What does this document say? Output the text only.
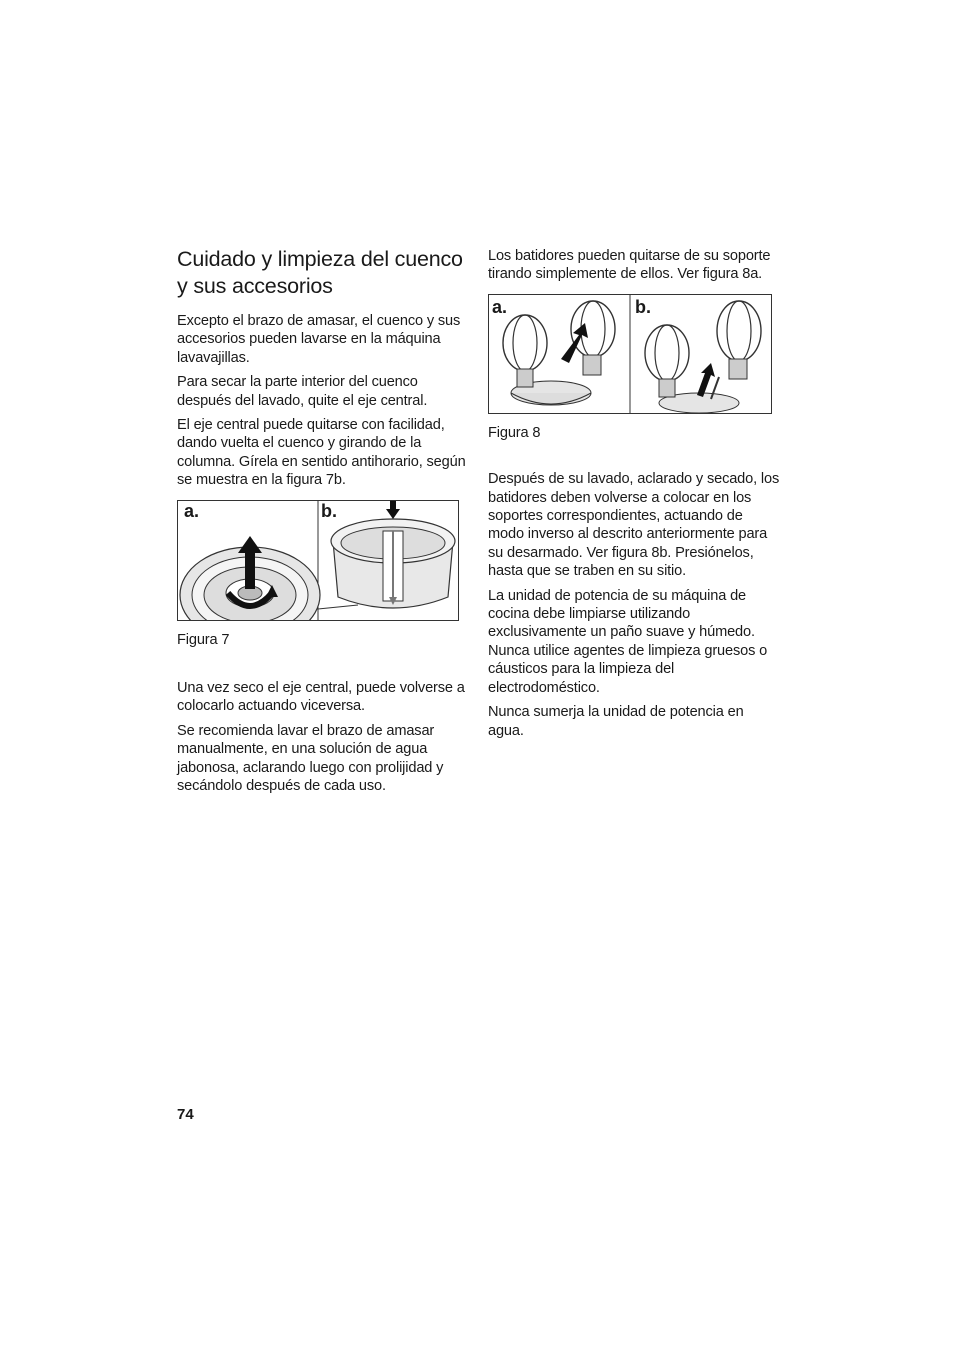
Cuidado y limpieza del cuenco y sus accesorios

Excepto el brazo de amasar, el cuenco y sus accesorios pueden lavarse en la máquina lavavajillas.

Para secar la parte interior del cuenco después del lavado, quite el eje central.

El eje central puede quitarse con facilidad, dando vuelta el cuenco y girando de la columna. Gírela en sentido antihorario, según se muestra en la figura 7b.

a.	b.

Figura 7

Una vez seco el eje central, puede volverse a colocarlo actuando viceversa.

Se recomienda lavar el brazo de amasar manualmente, en una solución de agua jabonosa, aclarando luego con prolijidad y secándolo después de cada uso.

Los batidores pueden quitarse de su soporte tirando simplemente de ellos. Ver figura 8a.

a.	b.

Figura 8

Después de su lavado, aclarado y secado, los batidores deben volverse a colocar en los soportes correspondientes, actuando de modo inverso al descrito anteriormente para su desarmado. Ver figura 8b. Presiónelos, hasta que se traben en su sitio.

La unidad de potencia de su máquina de cocina debe limpiarse utilizando exclusivamente un paño suave y húmedo. Nunca utilice agentes de limpieza gruesos o cáusticos para la limpieza del electrodoméstico.

Nunca sumerja la unidad de potencia en agua.

74
